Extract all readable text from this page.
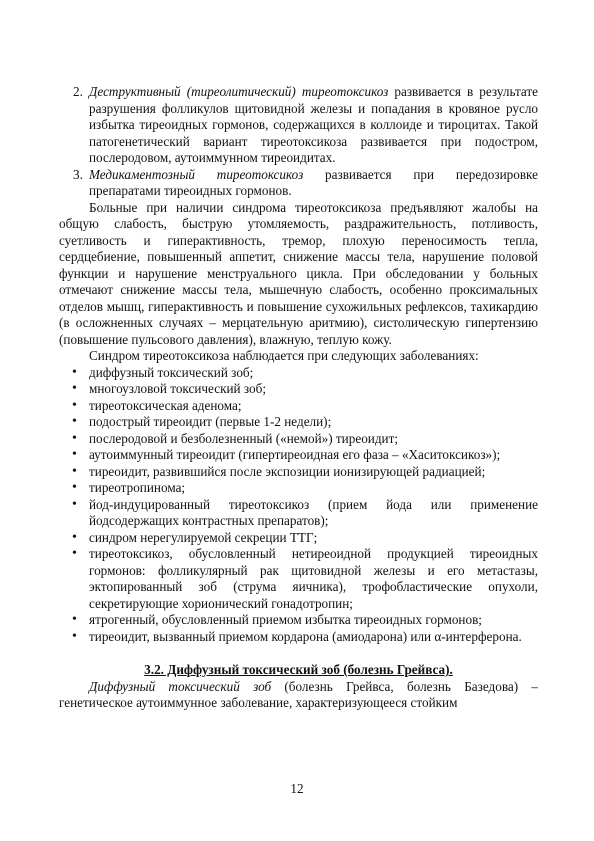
2. Деструктивный (тиреолитический) тиреотоксикоз развивается в результате разрушения фолликулов щитовидной железы и попадания в кровяное русло избытка тиреоидных гормонов, содержащихся в коллоиде и тироцитах. Такой патогенетический вариант тиреотоксикоза развивается при подостром, послеродовом, аутоиммунном тиреоидитах.
3. Медикаментозный тиреотоксикоз развивается при передозировке препаратами тиреоидных гормонов.

Больные при наличии синдрома тиреотоксикоза предъявляют жалобы на общую слабость, быструю утомляемость, раздражительность, потливость, суетливость и гиперактивность, тремор, плохую переносимость тепла, сердцебиение, повышенный аппетит, снижение массы тела, нарушение половой функции и нарушение менструального цикла. При обследовании у больных отмечают снижение массы тела, мышечную слабость, особенно проксимальных отделов мышц, гиперактивность и повышение сухожильных рефлексов, тахикардию (в осложненных случаях – мерцательную аритмию), систолическую гипертензию (повышение пульсового давления), влажную, теплую кожу.

Синдром тиреотоксикоза наблюдается при следующих заболеваниях:

• диффузный токсический зоб;
• многоузловой токсический зоб;
• тиреотоксическая аденома;
• подострый тиреоидит (первые 1-2 недели);
• послеродовой и безболезненный («немой») тиреоидит;
• аутоиммунный тиреоидит (гипертиреоидная его фаза – «Хаситоксикоз»);
• тиреоидит, развившийся после экспозиции ионизирующей радиацией;
• тиреотропинома;
• йод-индуцированный тиреотоксикоз (прием йода или применение йодсодержащих контрастных препаратов);
• синдром нерегулируемой секреции ТТГ;
• тиреотоксикоз, обусловленный нетиреоидной продукцией тиреоидных гормонов: фолликулярный рак щитовидной железы и его метастазы, эктопированный зоб (струма яичника), трофобластические опухоли, секретирующие хорионический гонадотропин;
• ятрогенный, обусловленный приемом избытка тиреоидных гормонов;
• тиреоидит, вызванный приемом кордарона (амиодарона) или α-интерферона.
3.2. Диффузный токсический зоб (болезнь Грейвса).

Диффузный токсический зоб (болезнь Грейвса, болезнь Базедова) – генетическое аутоиммунное заболевание, характеризующееся стойким

12
